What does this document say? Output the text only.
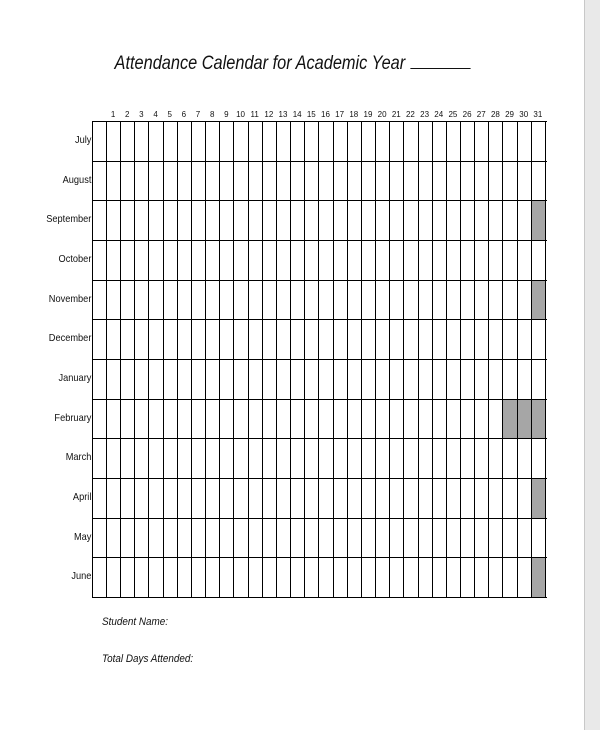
Attendance Calendar for Academic Year
1	2	3	4	5	6	7	8	9 10 11 12 13 14 15 16 17 18 19 20 21 22 23 24 25 26 27 28 29 30 31
July
August
September
October
November
December
January
February
March
April
May
June
Student Name:
Total Days Attended:
